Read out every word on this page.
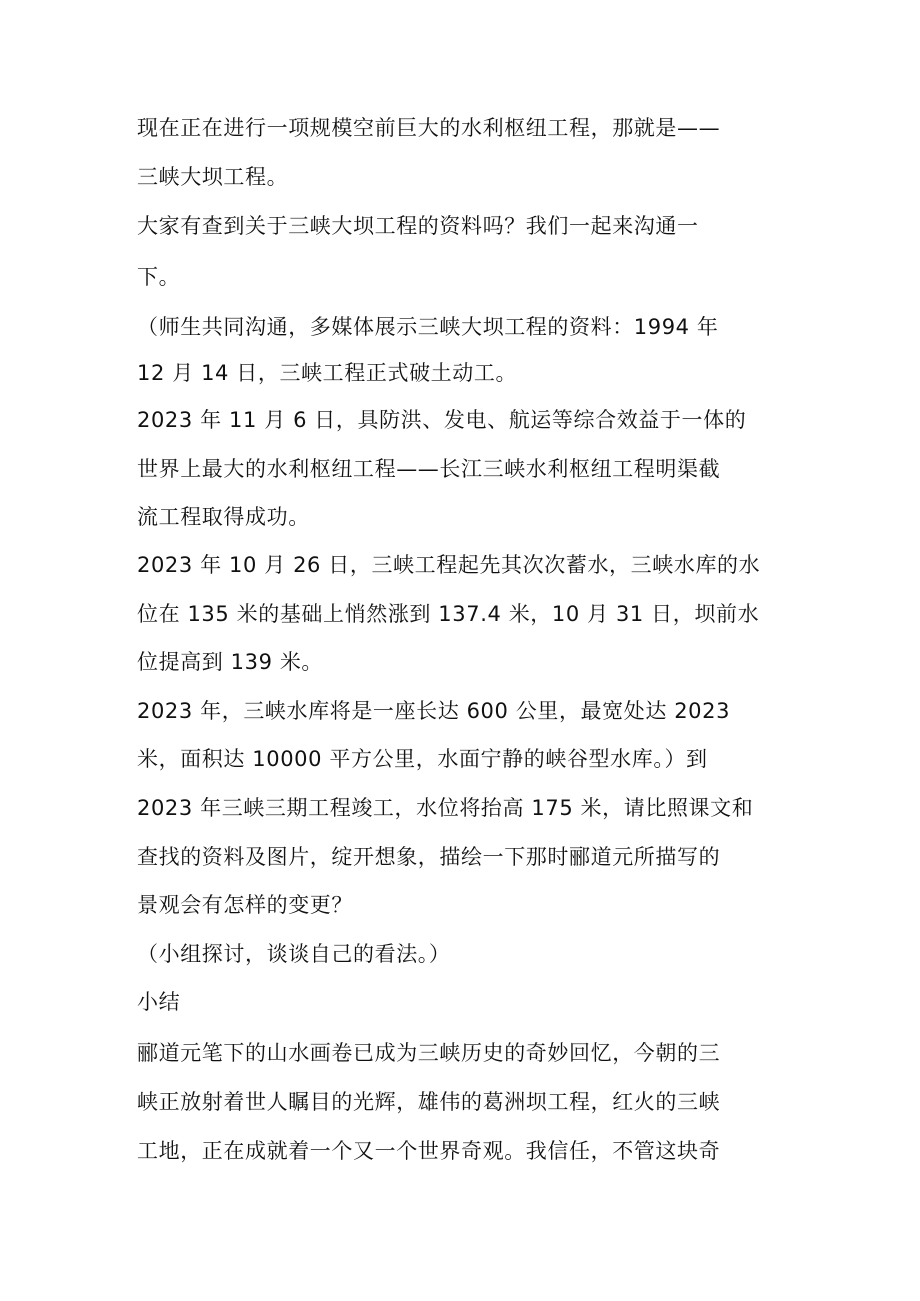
现在正在进行一项规模空前巨大的水利枢纽工程，那就是——
三峡大坝工程。
大家有查到关于三峡大坝工程的资料吗？我们一起来沟通一
下。
（师生共同沟通，多媒体展示三峡大坝工程的资料：1994 年
12 月 14 日，三峡工程正式破土动工。
2023 年 11 月 6 日，具防洪、发电、航运等综合效益于一体的
世界上最大的水利枢纽工程——长江三峡水利枢纽工程明渠截
流工程取得成功。
2023 年 10 月 26 日，三峡工程起先其次次蓄水，三峡水库的水
位在 135 米的基础上悄然涨到 137.4 米，10 月 31 日，坝前水
位提高到 139 米。
2023 年，三峡水库将是一座长达 600 公里，最宽处达 2023
米，面积达 10000 平方公里，水面宁静的峡谷型水库。）到
2023 年三峡三期工程竣工，水位将抬高 175 米，请比照课文和
查找的资料及图片，绽开想象，描绘一下那时郦道元所描写的
景观会有怎样的变更？
（小组探讨，谈谈自己的看法。）
小结
郦道元笔下的山水画卷已成为三峡历史的奇妙回忆，今朝的三
峡正放射着世人瞩目的光辉，雄伟的葛洲坝工程，红火的三峡
工地，正在成就着一个又一个世界奇观。我信任，不管这块奇
